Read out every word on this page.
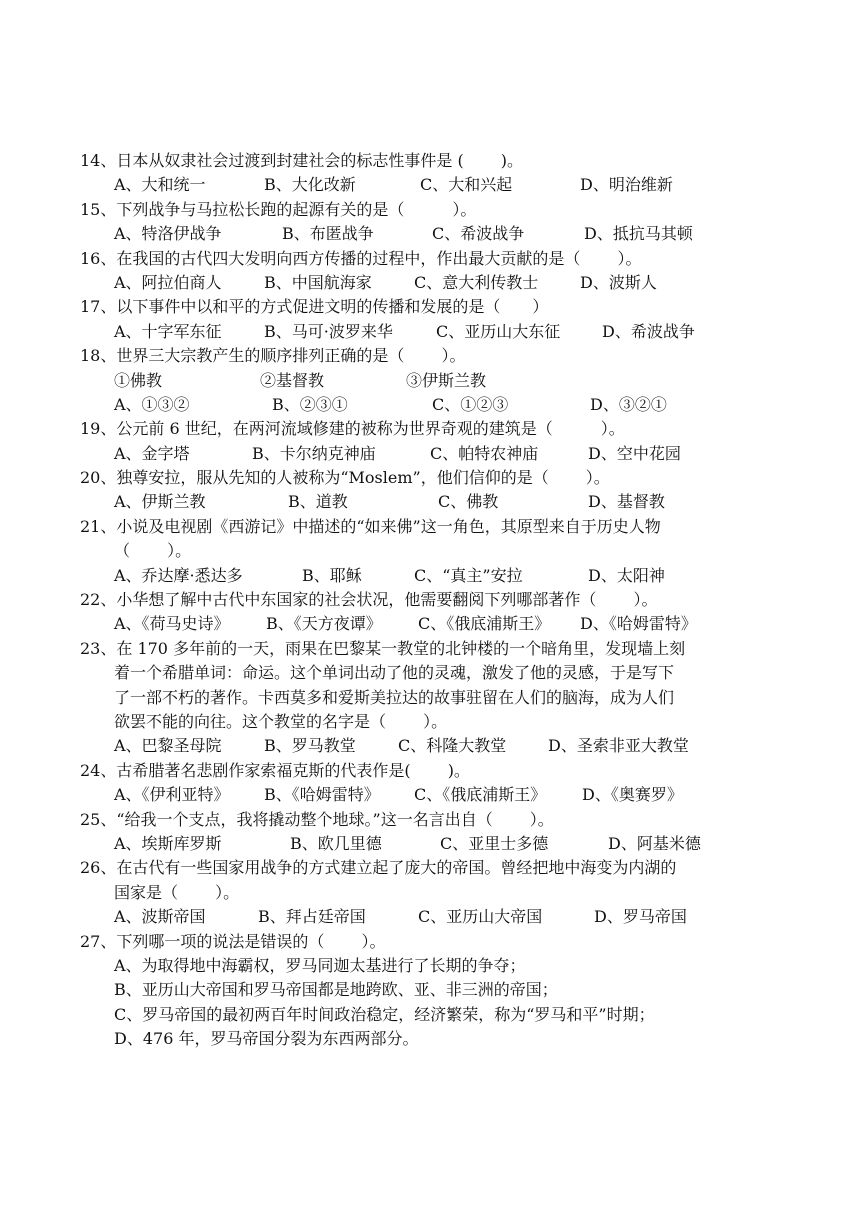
14、日本从奴隶社会过渡到封建社会的标志性事件是 (　　 )。
A、大和统一	B、大化改新	C、大和兴起	D、明治维新
15、下列战争与马拉松长跑的起源有关的是（　　　）。
A、特洛伊战争	B、布匿战争	C、希波战争	D、抵抗马其顿
16、在我国的古代四大发明向西方传播的过程中，作出最大贡献的是（　　 ）。
A、阿拉伯商人	B、中国航海家	C、意大利传教士	D、波斯人
17、以下事件中以和平的方式促进文明的传播和发展的是（　　）
A、十字军东征	B、马可·波罗来华	C、亚历山大东征	D、希波战争
18、世界三大宗教产生的顺序排列正确的是（　　 ）。
①佛教	②基督教	③伊斯兰教
A、①③②	B、②③①	C、①②③	D、③②①
19、公元前 6 世纪，在两河流域修建的被称为世界奇观的建筑是（　　　）。
A、金字塔	B、卡尔纳克神庙	C、帕特农神庙	D、空中花园
20、独尊安拉，服从先知的人被称为“Moslem”，他们信仰的是（　　 ）。
A、伊斯兰教	B、道教	C、佛教	D、基督教
21、小说及电视剧《西游记》中描述的“如来佛”这一角色，其原型来自于历史人物
（　　 ）。
A、乔达摩·悉达多	B、耶稣	C、“真主”安拉	D、太阳神
22、小华想了解中古代中东国家的社会状况，他需要翻阅下列哪部著作（　　 ）。
A、《荷马史诗》	B、《天方夜谭》	C、《俄底浦斯王》	D、《哈姆雷特》
23、在 170 多年前的一天，雨果在巴黎某一教堂的北钟楼的一个暗角里，发现墙上刻
着一个希腊单词：命运。这个单词出动了他的灵魂，激发了他的灵感，于是写下
了一部不朽的著作。卡西莫多和爱斯美拉达的故事驻留在人们的脑海，成为人们
欲罢不能的向往。这个教堂的名字是（　　 ）。
A、巴黎圣母院	B、罗马教堂	C、科隆大教堂	D、圣索非亚大教堂
24、古希腊著名悲剧作家索福克斯的代表作是(　　 )。
A、《伊利亚特》	B、《哈姆雷特》	C、《俄底浦斯王》	D、《奥赛罗》
25、“给我一个支点，我将撬动整个地球。”这一名言出自（　　 ）。
A、埃斯库罗斯	B、欧几里德	C、亚里士多德	D、阿基米德
26、在古代有一些国家用战争的方式建立起了庞大的帝国。曾经把地中海变为内湖的
国家是（　　 ）。
A、波斯帝国	B、拜占廷帝国	C、亚历山大帝国	D、罗马帝国
27、下列哪一项的说法是错误的（　　 ）。
A、为取得地中海霸权，罗马同迦太基进行了长期的争夺；
B、亚历山大帝国和罗马帝国都是地跨欧、亚、非三洲的帝国；
C、罗马帝国的最初两百年时间政治稳定，经济繁荣，称为“罗马和平”时期；
D、476 年，罗马帝国分裂为东西两部分。
